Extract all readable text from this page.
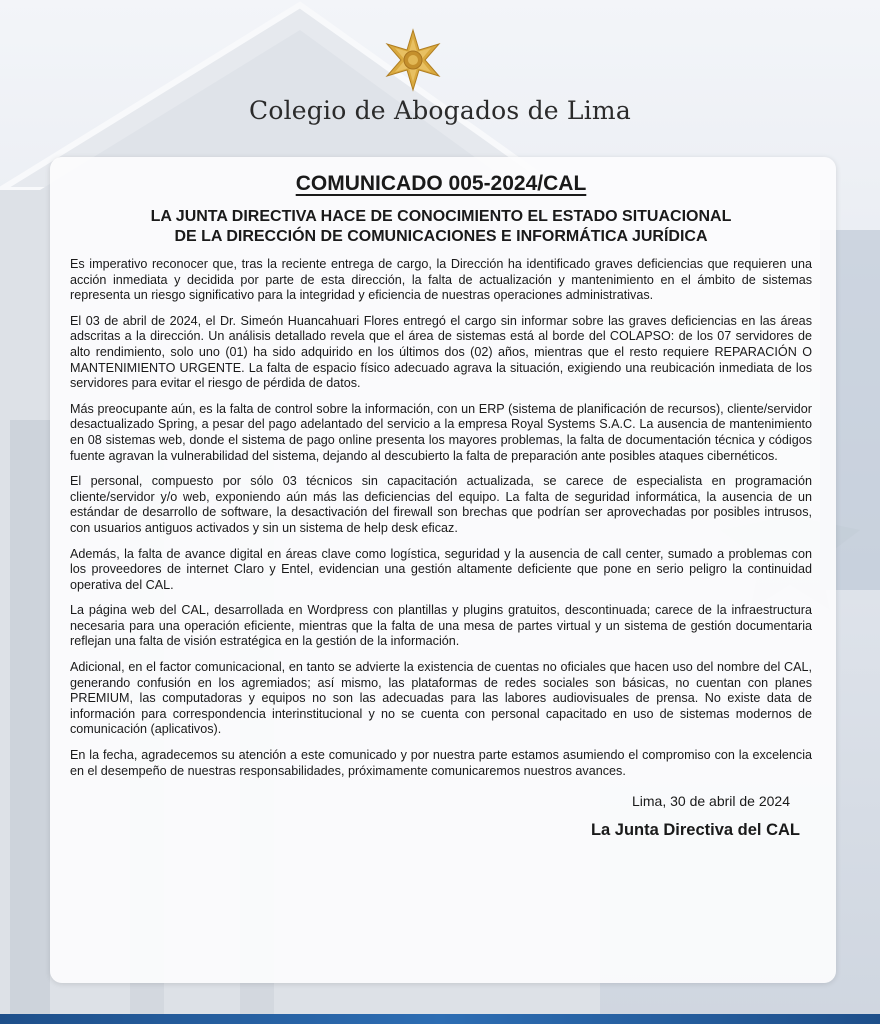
Colegio de Abogados de Lima
COMUNICADO 005-2024/CAL
LA JUNTA DIRECTIVA HACE DE CONOCIMIENTO EL ESTADO SITUACIONAL
DE LA DIRECCIÓN DE COMUNICACIONES E INFORMÁTICA JURÍDICA

Es imperativo reconocer que, tras la reciente entrega de cargo, la Dirección ha identificado graves deficiencias que requieren una acción inmediata y decidida por parte de esta dirección, la falta de actualización y mantenimiento en el ámbito de sistemas representa un riesgo significativo para la integridad y eficiencia de nuestras operaciones administrativas.

El 03 de abril de 2024, el Dr. Simeón Huancahuari Flores entregó el cargo sin informar sobre las graves deficiencias en las áreas adscritas a la dirección. Un análisis detallado revela que el área de sistemas está al borde del COLAPSO: de los 07 servidores de alto rendimiento, solo uno (01) ha sido adquirido en los últimos dos (02) años, mientras que el resto requiere REPARACIÓN O MANTENIMIENTO URGENTE. La falta de espacio físico adecuado agrava la situación, exigiendo una reubicación inmediata de los servidores para evitar el riesgo de pérdida de datos.

Más preocupante aún, es la falta de control sobre la información, con un ERP (sistema de planificación de recursos), cliente/servidor desactualizado Spring, a pesar del pago adelantado del servicio a la empresa Royal Systems S.A.C. La ausencia de mantenimiento en 08 sistemas web, donde el sistema de pago online presenta los mayores problemas, la falta de documentación técnica y códigos fuente agravan la vulnerabilidad del sistema, dejando al descubierto la falta de preparación ante posibles ataques cibernéticos.

El personal, compuesto por sólo 03 técnicos sin capacitación actualizada, se carece de especialista en programación cliente/servidor y/o web, exponiendo aún más las deficiencias del equipo. La falta de seguridad informática, la ausencia de un estándar de desarrollo de software, la desactivación del firewall son brechas que podrían ser aprovechadas por posibles intrusos, con usuarios antiguos activados y sin un sistema de help desk eficaz.

Además, la falta de avance digital en áreas clave como logística, seguridad y la ausencia de call center, sumado a problemas con los proveedores de internet Claro y Entel, evidencian una gestión altamente deficiente que pone en serio peligro la continuidad operativa del CAL.

La página web del CAL, desarrollada en Wordpress con plantillas y plugins gratuitos, descontinuada; carece de la infraestructura necesaria para una operación eficiente, mientras que la falta de una mesa de partes virtual y un sistema de gestión documentaria reflejan una falta de visión estratégica en la gestión de la información.

Adicional, en el factor comunicacional, en tanto se advierte la existencia de cuentas no oficiales que hacen uso del nombre del CAL, generando confusión en los agremiados; así mismo, las plataformas de redes sociales son básicas, no cuentan con planes PREMIUM, las computadoras y equipos no son las adecuadas para las labores audiovisuales de prensa. No existe data de información para correspondencia interinstitucional y no se cuenta con personal capacitado en uso de sistemas modernos de comunicación (aplicativos).

En la fecha, agradecemos su atención a este comunicado y por nuestra parte estamos asumiendo el compromiso con la excelencia en el desempeño de nuestras responsabilidades, próximamente comunicaremos nuestros avances.

Lima, 30 de abril de 2024
La Junta Directiva del CAL
